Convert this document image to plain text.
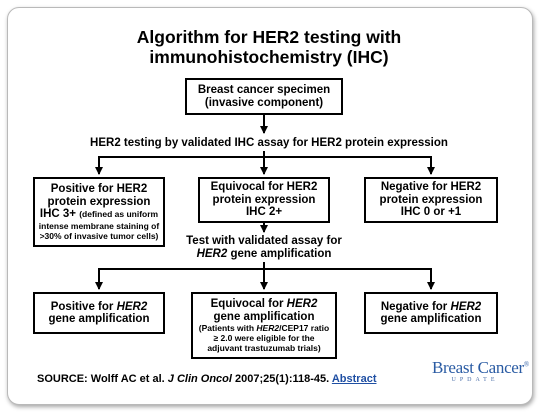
Algorithm for HER2 testing with
immunohistochemistry (IHC)
Breast cancer specimen
(invasive component)
HER2 testing by validated IHC assay for HER2 protein expression
Positive for HER2
protein expression
IHC 3+ (defined as uniform
intense membrane staining of
>30% of invasive tumor cells)
Equivocal for HER2
protein expression
IHC 2+
Negative for HER2
protein expression
IHC 0 or +1
Test with validated assay for
HER2 gene amplification
Positive for HER2
gene amplification
Equivocal for HER2
gene amplification
(Patients with HER2/CEP17 ratio
≥ 2.0 were eligible for the
adjuvant trastuzumab trials)
Negative for HER2
gene amplification
SOURCE: Wolff AC et al. J Clin Oncol 2007;25(1):118-45. Abstract
Breast Cancer®
UPDATE
